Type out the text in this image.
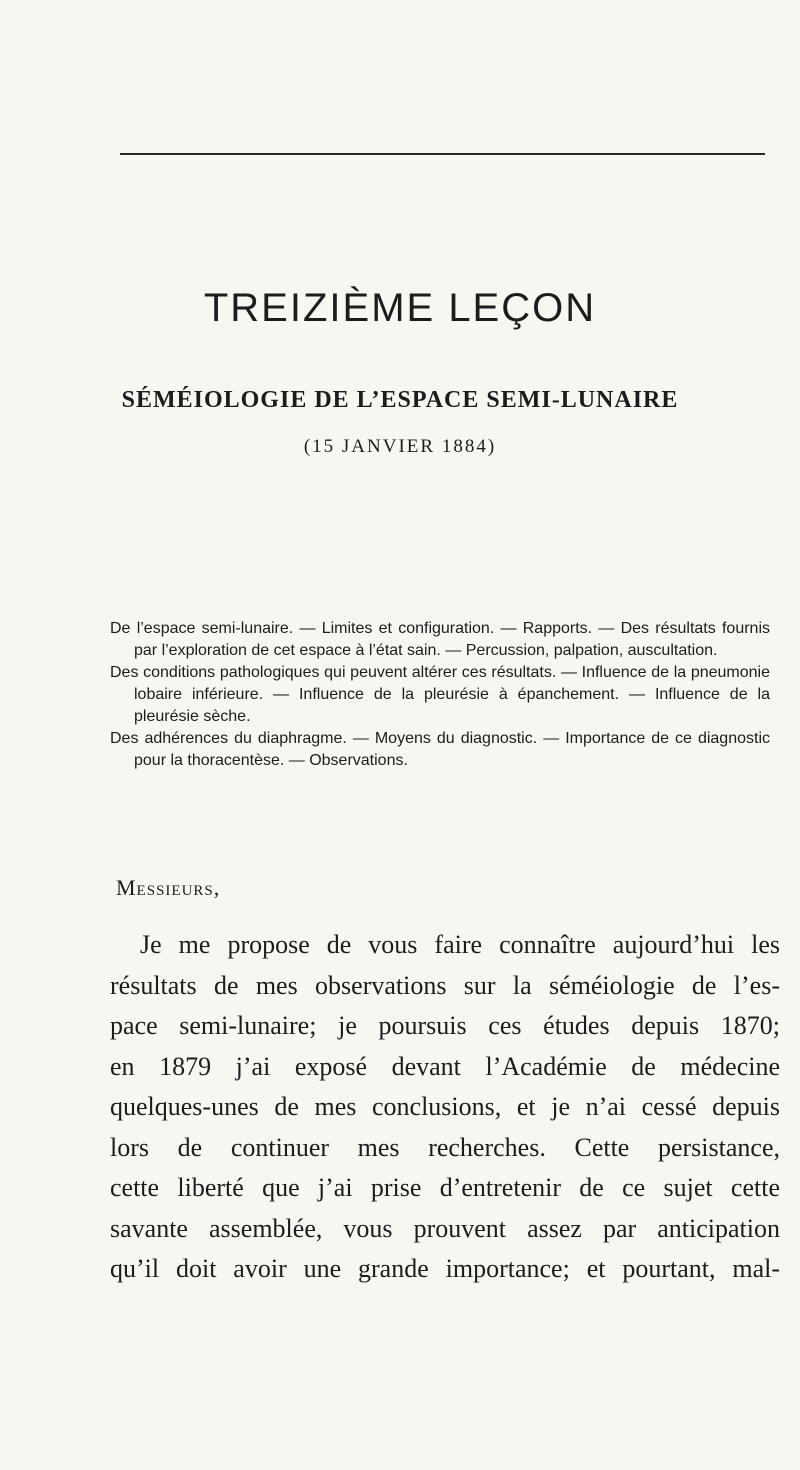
TREIZIÈME LEÇON
SÉMÉIOLOGIE DE L’ESPACE SEMI-LUNAIRE
(15 JANVIER 1884)

De l’espace semi-lunaire. — Limites et configuration. — Rapports. — Des résultats fournis par l’exploration de cet espace à l’état sain. — Percussion, palpation, auscultation.

Des conditions pathologiques qui peuvent altérer ces résultats. — Influence de la pneumonie lobaire inférieure. — Influence de la pleurésie à épanchement. — Influence de la pleurésie sèche.

Des adhérences du diaphragme. — Moyens du diagnostic. — Importance de ce diagnostic pour la thoracentèse. — Observations.

Messieurs,
Je me propose de vous faire connaître aujourd’hui les
résultats de mes observations sur la séméiologie de l’es-
pace semi-lunaire; je poursuis ces études depuis 1870;
en 1879 j’ai exposé devant l’Académie de médecine
quelques-unes de mes conclusions, et je n’ai cessé depuis
lors de continuer mes recherches. Cette persistance,
cette liberté que j’ai prise d’entretenir de ce sujet cette
savante assemblée, vous prouvent assez par anticipation
qu’il doit avoir une grande importance; et pourtant, mal-
